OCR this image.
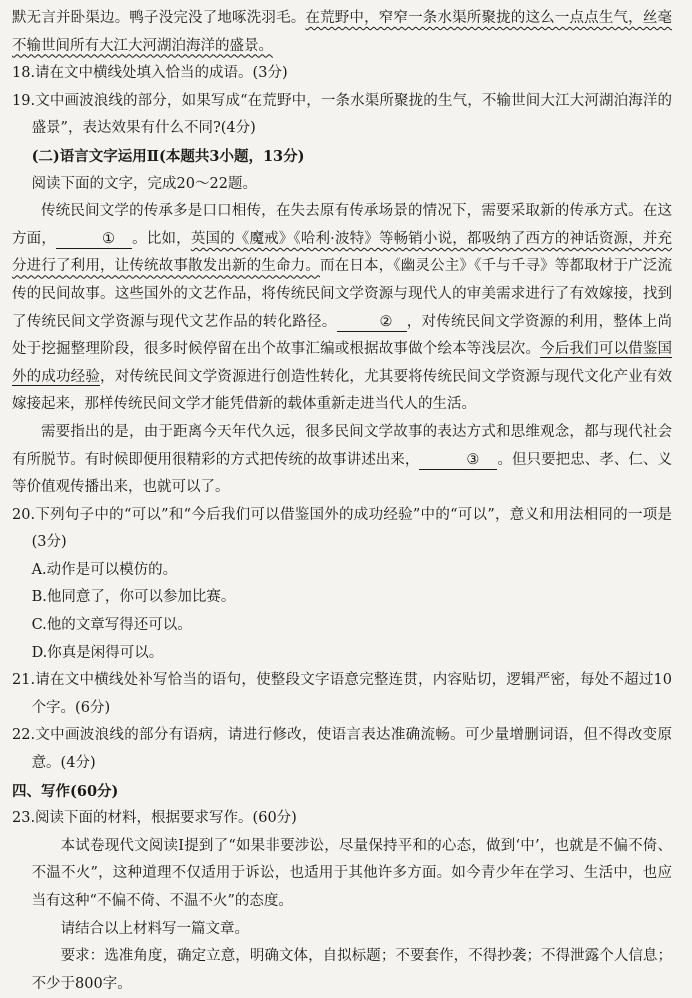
默无言并卧渠边。鸭子没完没了地啄洗羽毛。在荒野中，窄窄一条水渠所聚拢的这么一点点生气，丝毫不输世间所有大江大河湖泊海洋的盛景。

18.请在文中横线处填入恰当的成语。(3分)

19.文中画波浪线的部分，如果写成“在荒野中，一条水渠所聚拢的生气，不输世间大江大河湖泊海洋的盛景”，表达效果有什么不同?(4分)

(二)语言文字运用Ⅱ(本题共3小题，13分)

阅读下面的文字，完成20～22题。

传统民间文学的传承多是口口相传，在失去原有传承场景的情况下，需要采取新的传承方式。在这方面，	① 。比如，英国的《魔戒》《哈利·波特》等畅销小说，都吸纳了西方的神话资源，并充分进行了利用，让传统故事散发出新的生命力。而在日本，《幽灵公主》《千与千寻》等都取材于广泛流传的民间故事。这些国外的文艺作品，将传统民间文学资源与现代人的审美需求进行了有效嫁接，找到了传统民间文学资源与现代文艺作品的转化路径。	② ，对传统民间文学资源的利用，整体上尚处于挖掘整理阶段，很多时候停留在出个故事汇编或根据故事做个绘本等浅层次。今后我们可以借鉴国外的成功经验，对传统民间文学资源进行创造性转化，尤其要将传统民间文学资源与现代文化产业有效嫁接起来，那样传统民间文学才能凭借新的载体重新走进当代人的生活。

需要指出的是，由于距离今天年代久远，很多民间文学故事的表达方式和思维观念，都与现代社会有所脱节。有时候即便用很精彩的方式把传统的故事讲述出来，	③ 。但只要把忠、孝、仁、义等价值观传播出来，也就可以了。

20.下列句子中的“可以”和“今后我们可以借鉴国外的成功经验”中的“可以”，意义和用法相同的一项是(3分)

A.动作是可以模仿的。

B.他同意了，你可以参加比赛。

C.他的文章写得还可以。

D.你真是闲得可以。

21.请在文中横线处补写恰当的语句，使整段文字语意完整连贯，内容贴切，逻辑严密，每处不超过10个字。(6分)

22.文中画波浪线的部分有语病，请进行修改，使语言表达准确流畅。可少量增删词语，但不得改变原意。(4分)

四、写作(60分)

23.阅读下面的材料，根据要求写作。(60分)

本试卷现代文阅读Ⅰ提到了“如果非要涉讼，尽量保持平和的心态，做到‘中’，也就是不偏不倚、不温不火”，这种道理不仅适用于诉讼，也适用于其他许多方面。如今青少年在学习、生活中，也应当有这种“不偏不倚、不温不火”的态度。

请结合以上材料写一篇文章。

要求：选准角度，确定立意，明确文体，自拟标题；不要套作，不得抄袭；不得泄露个人信息；不少于800字。
